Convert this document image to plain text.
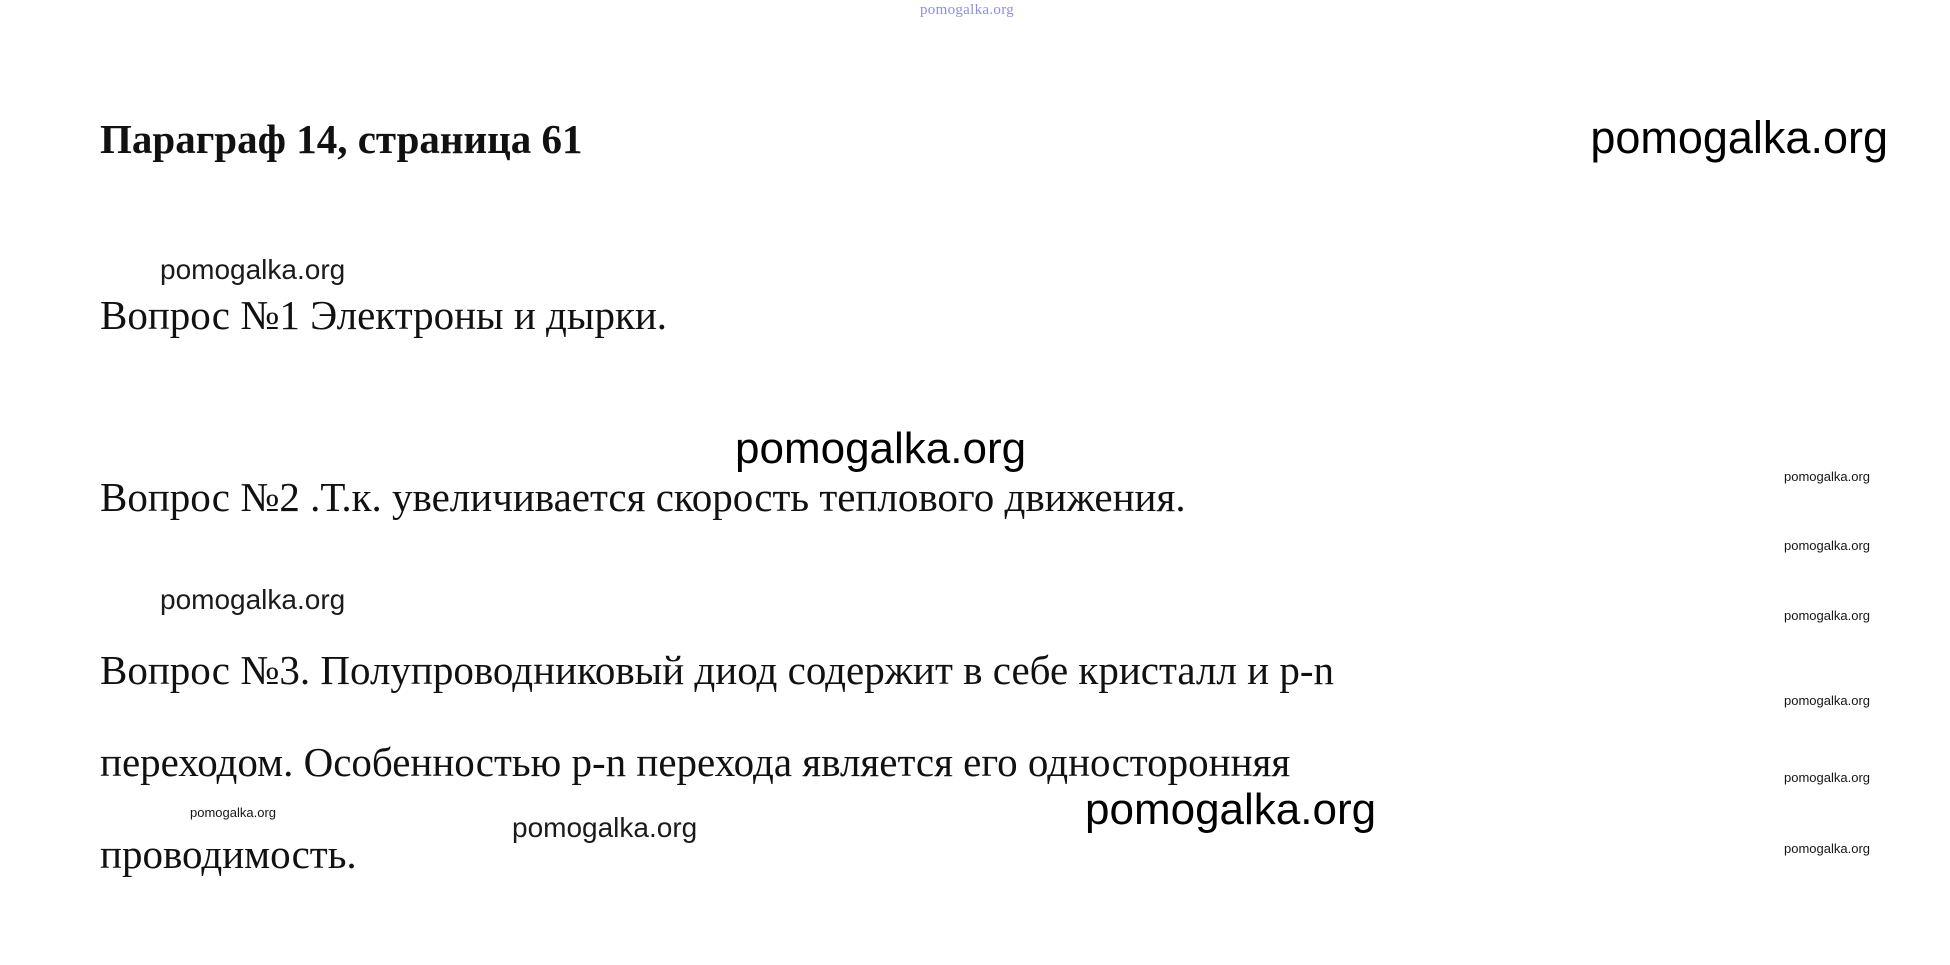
pomogalka.org
Параграф 14, страница 61	pomogalka.org
pomogalka.org
Вопрос №1 Электроны и дырки.
pomogalka.org
Вопрос №2 .Т.к. увеличивается скорость теплового движения.
pomogalka.org
Вопрос №3. Полупроводниковый диод содержит в себе кристалл и p-n
переходом. Особенностью p-n перехода является его односторонняя
проводимость.
pomogalka.org	pomogalka.org	pomogalka.org
pomogalka.org
pomogalka.org
pomogalka.org
pomogalka.org
pomogalka.org
pomogalka.org
